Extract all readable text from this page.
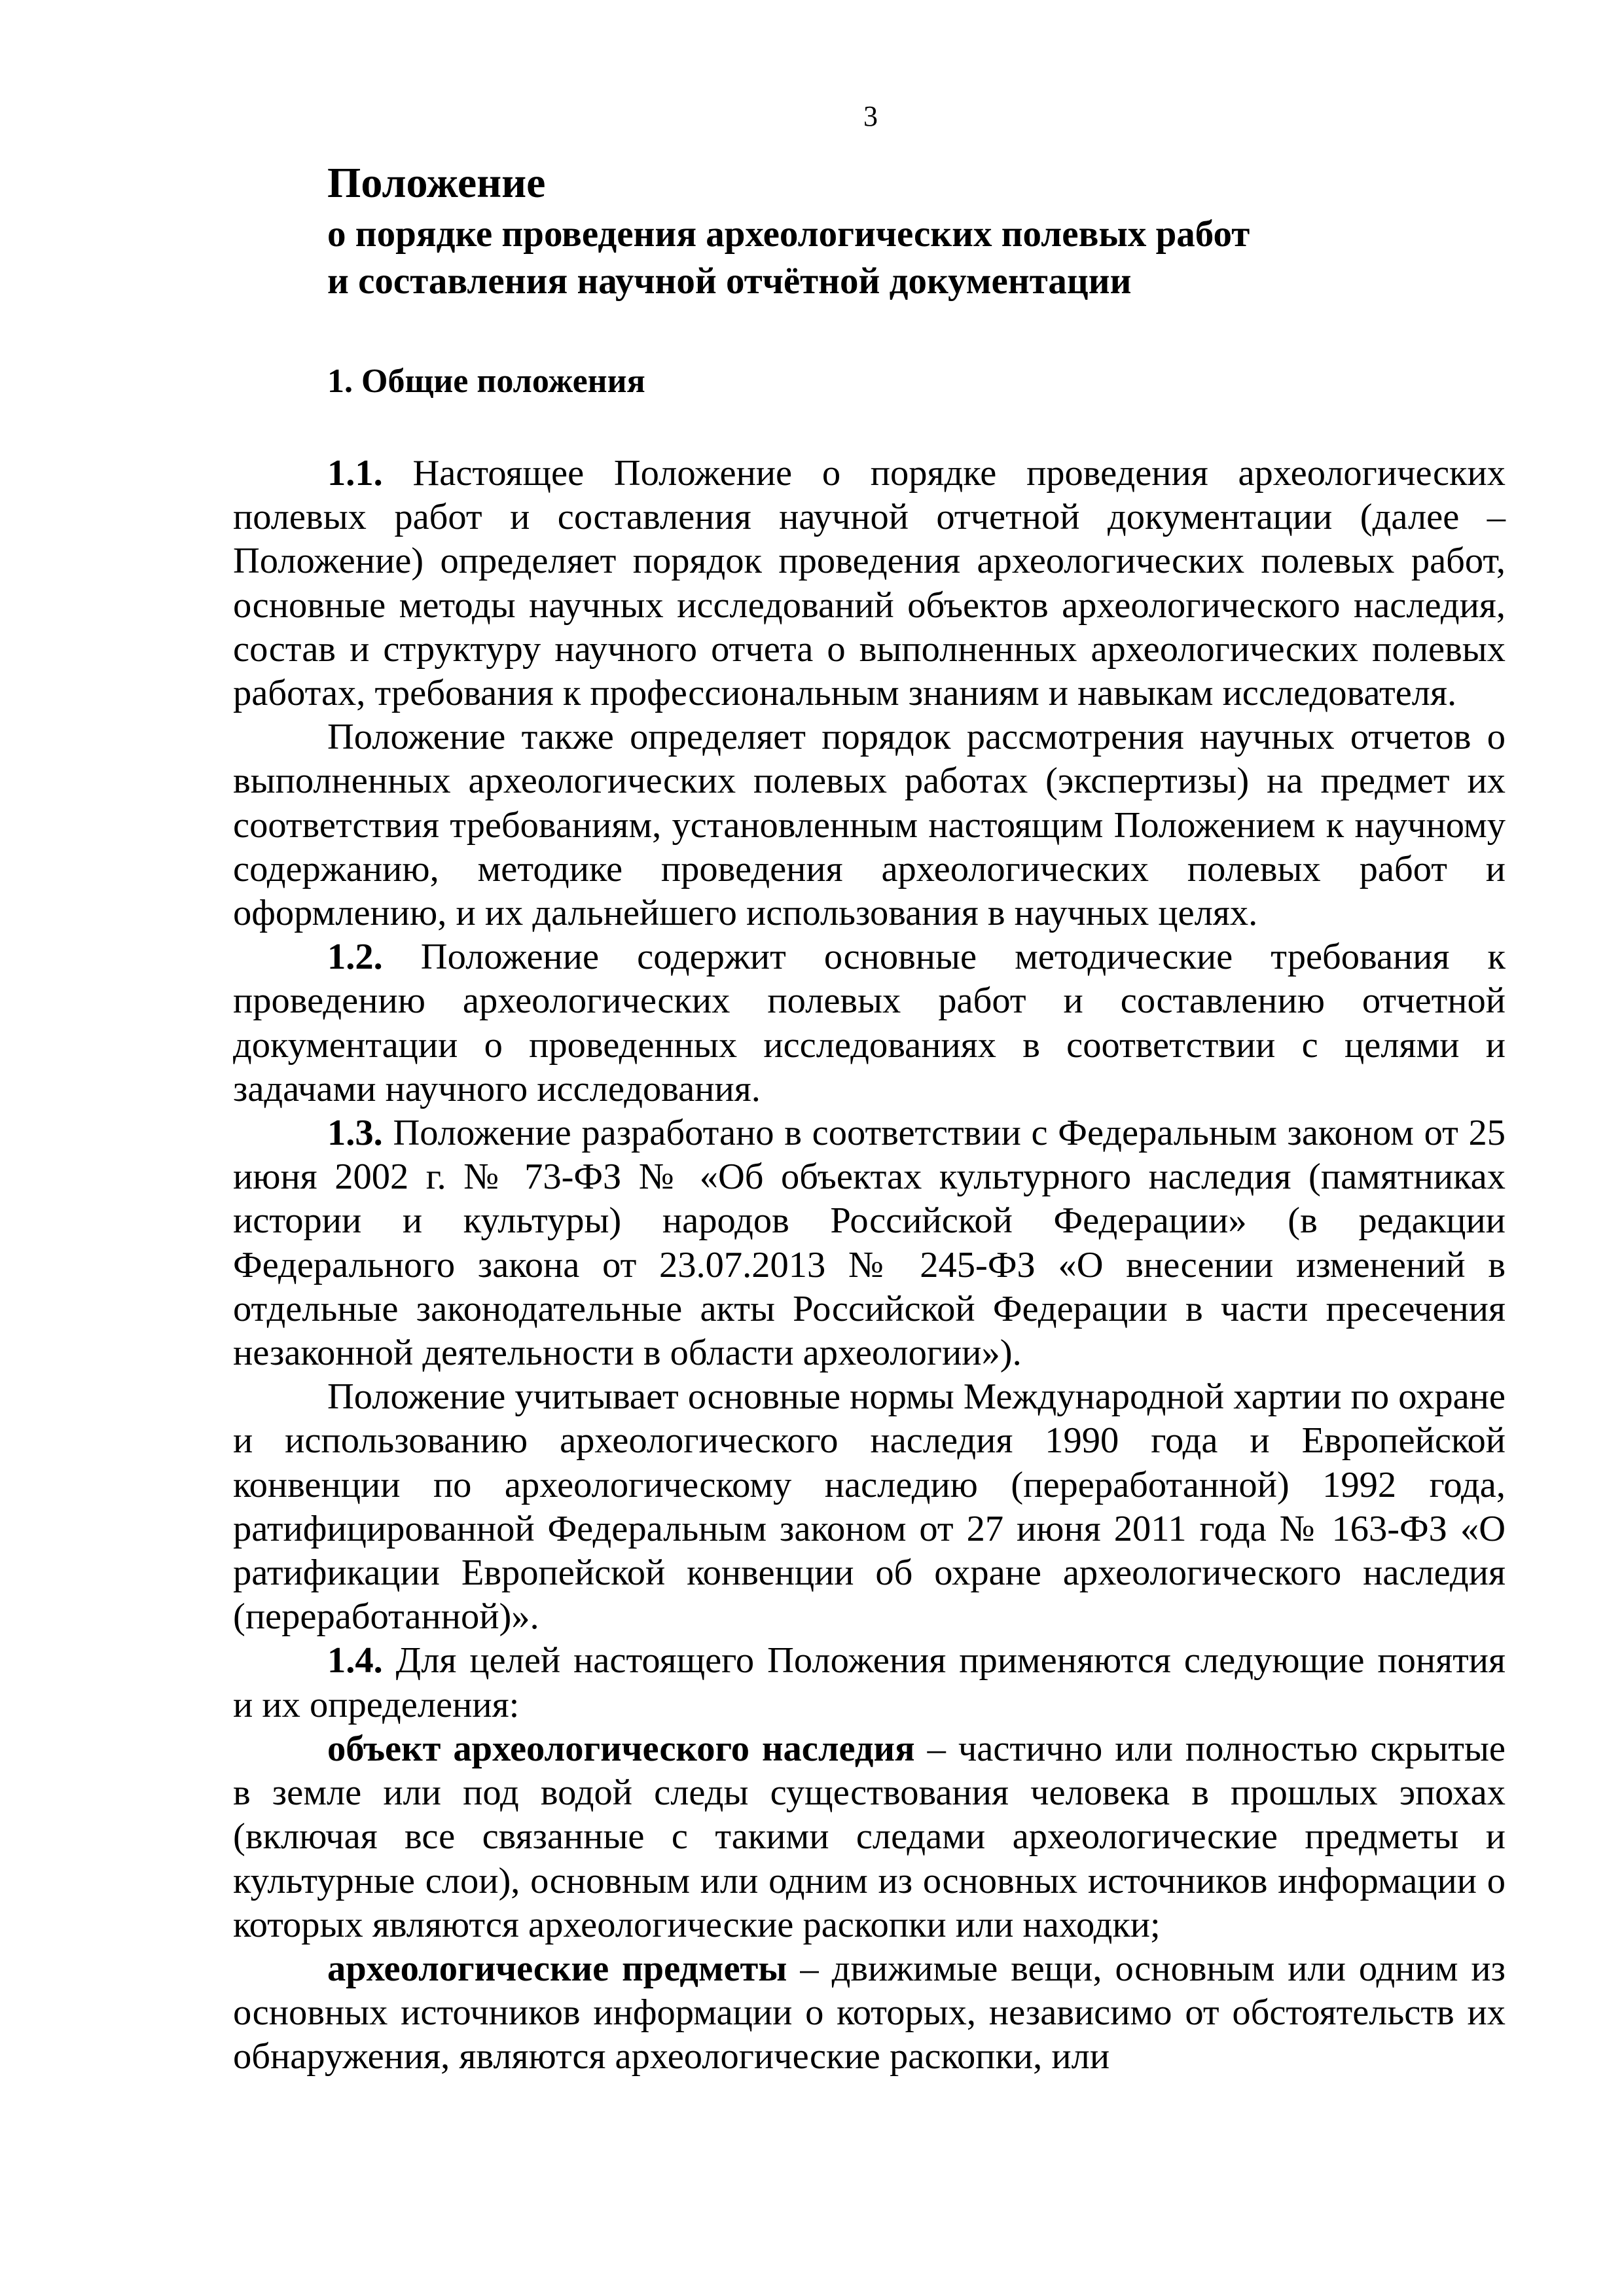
3
Положение
о порядке проведения археологических полевых работ
и составления научной отчётной документации
1. Общие положения

1.1. Настоящее Положение о порядке проведения археологических полевых работ и составления научной отчетной документации (далее – Положение) определяет порядок проведения археологических полевых работ, основные методы научных исследований объектов археологического наследия, состав и структуру научного отчета о выполненных археологических полевых работах, требования к профессиональным знаниям и навыкам исследователя.

Положение также определяет порядок рассмотрения научных отчетов о выполненных археологических полевых работах (экспертизы) на предмет их соответствия требованиям, установленным настоящим Положением к научному содержанию, методике проведения археологических полевых работ и оформлению, и их дальнейшего использования в научных целях.

1.2. Положение содержит основные методические требования к проведению археологических полевых работ и составлению отчетной документации о проведенных исследованиях в соответствии с целями и задачами научного исследования.

1.3. Положение разработано в соответствии с Федеральным законом от 25 июня 2002 г. № 73-ФЗ № «Об объектах культурного наследия (памятниках истории и культуры) народов Российской Федерации» (в редакции Федерального закона от 23.07.2013 № 245-ФЗ «О внесении изменений в отдельные законодательные акты Российской Федерации в части пресечения незаконной деятельности в области археологии»).

Положение учитывает основные нормы Международной хартии по охране и использованию археологического наследия 1990 года и Европейской конвенции по археологическому наследию (переработанной) 1992 года, ратифицированной Федеральным законом от 27 июня 2011 года № 163-ФЗ «О ратификации Европейской конвенции об охране археологического наследия (переработанной)».

1.4. Для целей настоящего Положения применяются следующие понятия и их определения:

объект археологического наследия – частично или полностью скрытые в земле или под водой следы существования человека в прошлых эпохах (включая все связанные с такими следами археологические предметы и культурные слои), основным или одним из основных источников информации о которых являются археологические раскопки или находки;

археологические предметы – движимые вещи, основным или одним из основных источников информации о которых, независимо от обстоятельств их обнаружения, являются археологические раскопки, или
